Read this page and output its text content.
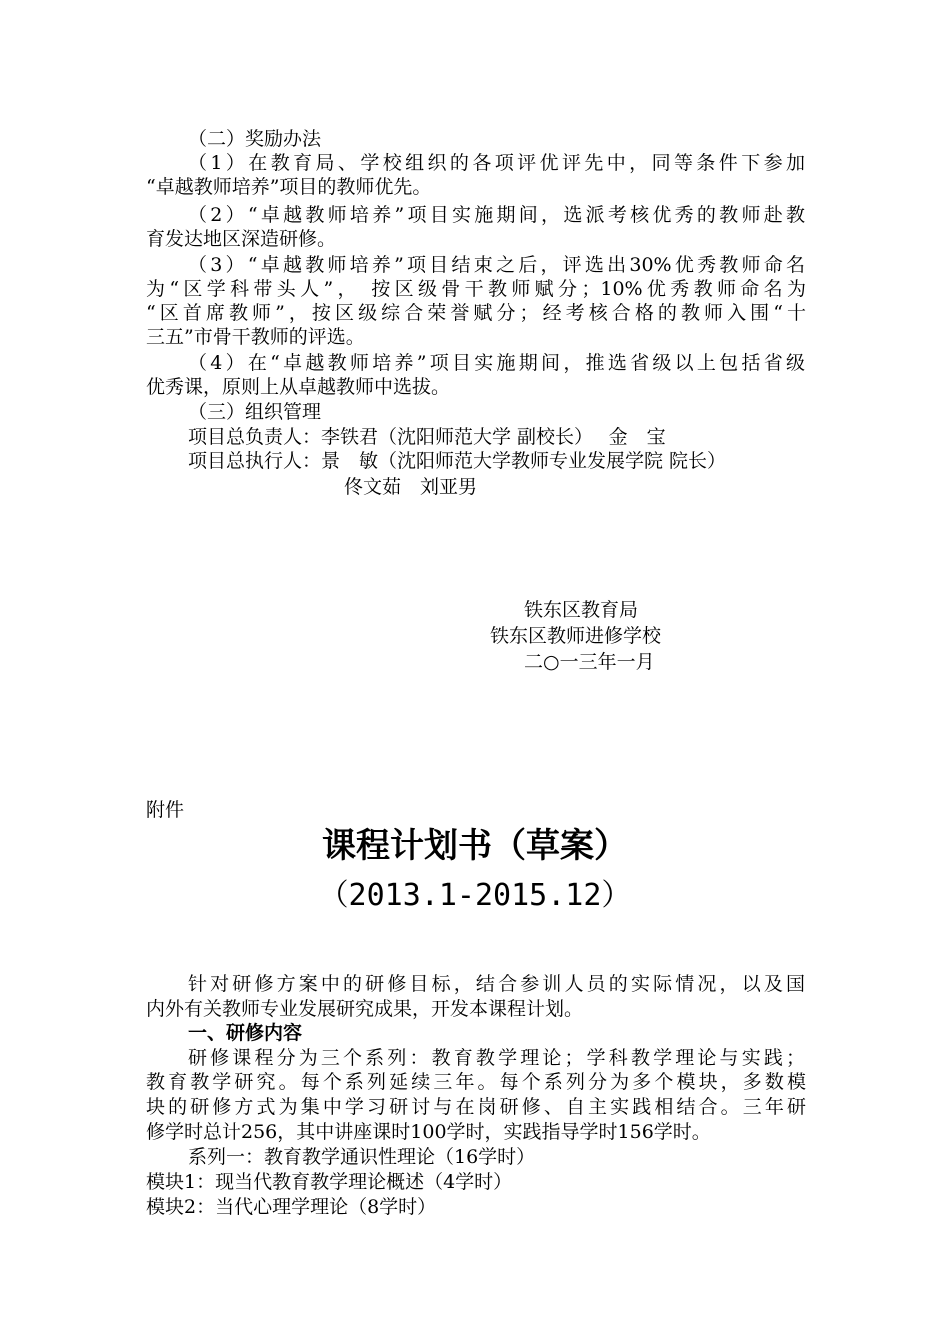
（二）奖励办法
（1）在教育局、学校组织的各项评优评先中，同等条件下参加
“卓越教师培养”项目的教师优先。
（2）“卓越教师培养”项目实施期间，选派考核优秀的教师赴教
育发达地区深造研修。
（3）“卓越教师培养”项目结束之后，评选出30%优秀教师命名
为“区学科带头人”， 按区级骨干教师赋分；10%优秀教师命名为
“区首席教师”，按区级综合荣誉赋分；经考核合格的教师入围“十
三五”市骨干教师的评选。
（4）在“卓越教师培养”项目实施期间，推选省级以上包括省级
优秀课，原则上从卓越教师中选拔。
（三）组织管理
项目总负责人：李铁君（沈阳师范大学 副校长）　 金　宝
项目总执行人：景　敏（沈阳师范大学教师专业发展学院 院长）
佟文茹　刘亚男
铁东区教育局
铁东区教师进修学校
二○一三年一月
附件
课程计划书（草案）
（2013.1-2015.12）
针对研修方案中的研修目标，结合参训人员的实际情况，以及国
内外有关教师专业发展研究成果，开发本课程计划。
一、研修内容
研修课程分为三个系列：教育教学理论；学科教学理论与实践；
教育教学研究。每个系列延续三年。每个系列分为多个模块，多数模
块的研修方式为集中学习研讨与在岗研修、自主实践相结合。三年研
修学时总计256，其中讲座课时100学时，实践指导学时156学时。
系列一：教育教学通识性理论（16学时）
模块1：现当代教育教学理论概述（4学时）
模块2：当代心理学理论（8学时）
